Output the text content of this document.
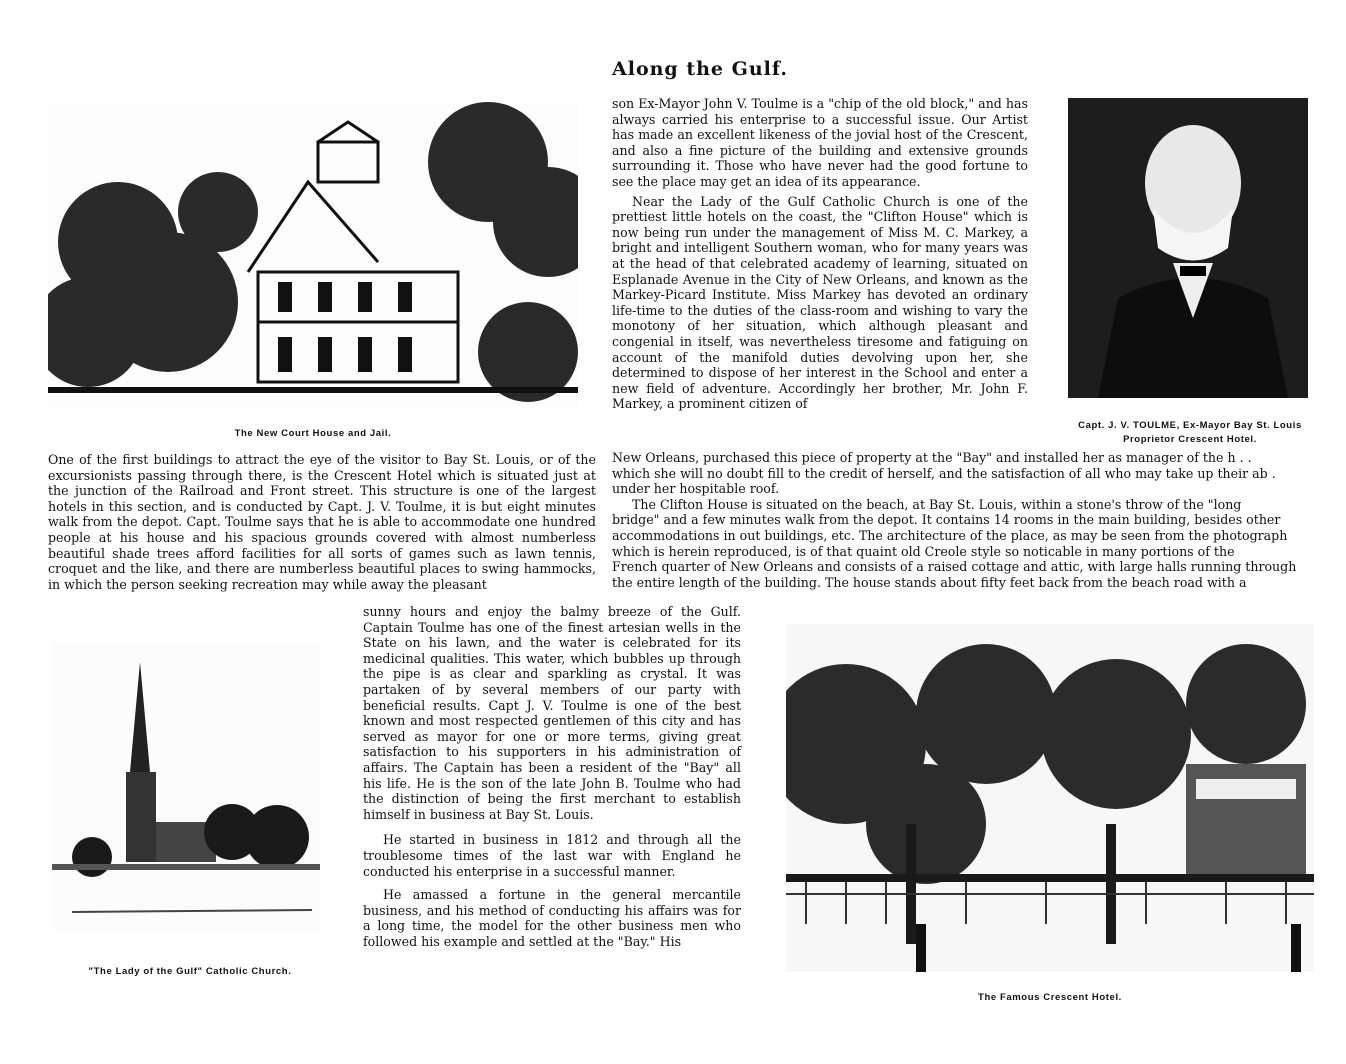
Along the Gulf.
The New Court House and Jail.
Capt. J. V. TOULME, Ex-Mayor Bay St. Louis
Proprietor Crescent Hotel.

One of the first buildings to attract the eye of the visitor to Bay St. Louis, or of the excursionists passing through there, is the Crescent Hotel which is situated just at the junction of the Railroad and Front street. This structure is one of the largest hotels in this section, and is conducted by Capt. J. V. Toulme, it is but eight minutes walk from the depot. Capt. Toulme says that he is able to accommodate one hundred people at his house and his spacious grounds covered with almost numberless beautiful shade trees afford facilities for all sorts of games such as lawn tennis, croquet and the like, and there are numberless beautiful places to swing hammocks, in which the person seeking recreation may while away the pleasant

"The Lady of the Gulf" Catholic Church.

sunny hours and enjoy the balmy breeze of the Gulf. Captain Toulme has one of the finest artesian wells in the State on his lawn, and the water is celebrated for its medicinal qualities. This water, which bubbles up through the pipe is as clear and sparkling as crystal. It was partaken of by several members of our party with beneficial results. Capt J. V. Toulme is one of the best known and most respected gentlemen of this city and has served as mayor for one or more terms, giving great satisfaction to his supporters in his administration of affairs. The Captain has been a resident of the "Bay" all his life. He is the son of the late John B. Toulme who had the distinction of being the first merchant to establish himself in business at Bay St. Louis.

He started in business in 1812 and through all the troublesome times of the last war with England he conducted his enterprise in a successful manner.

He amassed a fortune in the general mercantile business, and his method of conducting his affairs was for a long time, the model for the other business men who followed his example and settled at the "Bay." His

son Ex-Mayor John V. Toulme is a "chip of the old block," and has always carried his enterprise to a successful issue. Our Artist has made an excellent likeness of the jovial host of the Crescent, and also a fine picture of the building and extensive grounds surrounding it. Those who have never had the good fortune to see the place may get an idea of its appearance.

Near the Lady of the Gulf Catholic Church is one of the prettiest little hotels on the coast, the "Clifton House" which is now being run under the management of Miss M. C. Markey, a bright and intelligent Southern woman, who for many years was at the head of that celebrated academy of learning, situated on Esplanade Avenue in the City of New Orleans, and known as the Markey-Picard Institute. Miss Markey has devoted an ordinary life-time to the duties of the class-room and wishing to vary the monotony of her situation, which although pleasant and congenial in itself, was nevertheless tiresome and fatiguing on account of the manifold duties devolving upon her, she determined to dispose of her interest in the School and enter a new field of adventure. Accordingly her brother, Mr. John F. Markey, a prominent citizen of

New Orleans, purchased this piece of property at the "Bay" and installed her as manager of the h . .
which she will no doubt fill to the credit of herself, and the satisfaction of all who may take up their ab .
under her hospitable roof.
The Clifton House is situated on the beach, at Bay St. Louis, within a stone's throw of the "long
bridge" and a few minutes walk from the depot. It contains 14 rooms in the main building, besides other
accommodations in out buildings, etc. The architecture of the place, as may be seen from the photograph
which is herein reproduced, is of that quaint old Creole style so noticable in many portions of the
French quarter of New Orleans and consists of a raised cottage and attic, with large halls running through
the entire length of the building. The house stands about fifty feet back from the beach road with a
The Famous Crescent Hotel.
